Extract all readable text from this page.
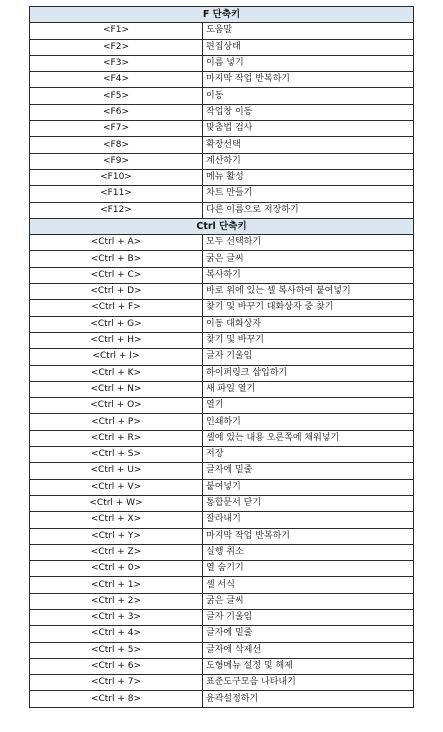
F 단축키	
<F1>	도움말
<F2>	편집상태
<F3>	이름 넣기
<F4>	마지막 작업 반복하기
<F5>	이동
<F6>	작업창 이동
<F7>	맞춤법 검사
<F8>	확장선택
<F9>	계산하기
<F10>	메뉴 활성
<F11>	차트 만들기
<F12>	다른 이름으로 저장하기
Ctrl 단축키	
<Ctrl + A>	모두 선택하기
<Ctrl + B>	굵은 글씨
<Ctrl + C>	복사하기
<Ctrl + D>	바로 위에 있는 셀 복사하여 붙여넣기
<Ctrl + F>	찾기 및 바꾸기 대화상자 중 찾기
<Ctrl + G>	이동 대화상자
<Ctrl + H>	찾기 및 바꾸기
<Ctrl + I>	글자 기울임
<Ctrl + K>	하이퍼링크 삽입하기
<Ctrl + N>	새 파일 열기
<Ctrl + O>	열기
<Ctrl + P>	인쇄하기
<Ctrl + R>	셀에 있는 내용 오른쪽에 채워넣기
<Ctrl + S>	저장
<Ctrl + U>	글자에 밑줄
<Ctrl + V>	붙여넣기
<Ctrl + W>	통합문서 닫기
<Ctrl + X>	잘라내기
<Ctrl + Y>	마지막 작업 반복하기
<Ctrl + Z>	실행 취소
<Ctrl + 0>	열 숨기기
<Ctrl + 1>	셀 서식
<Ctrl + 2>	굵은 글씨
<Ctrl + 3>	글자 기울임
<Ctrl + 4>	글자에 밑줄
<Ctrl + 5>	글자에 삭제선
<Ctrl + 6>	도형메뉴 설정 및 해제
<Ctrl + 7>	표준도구모음 나타내기
<Ctrl + 8>	윤곽설정하기
